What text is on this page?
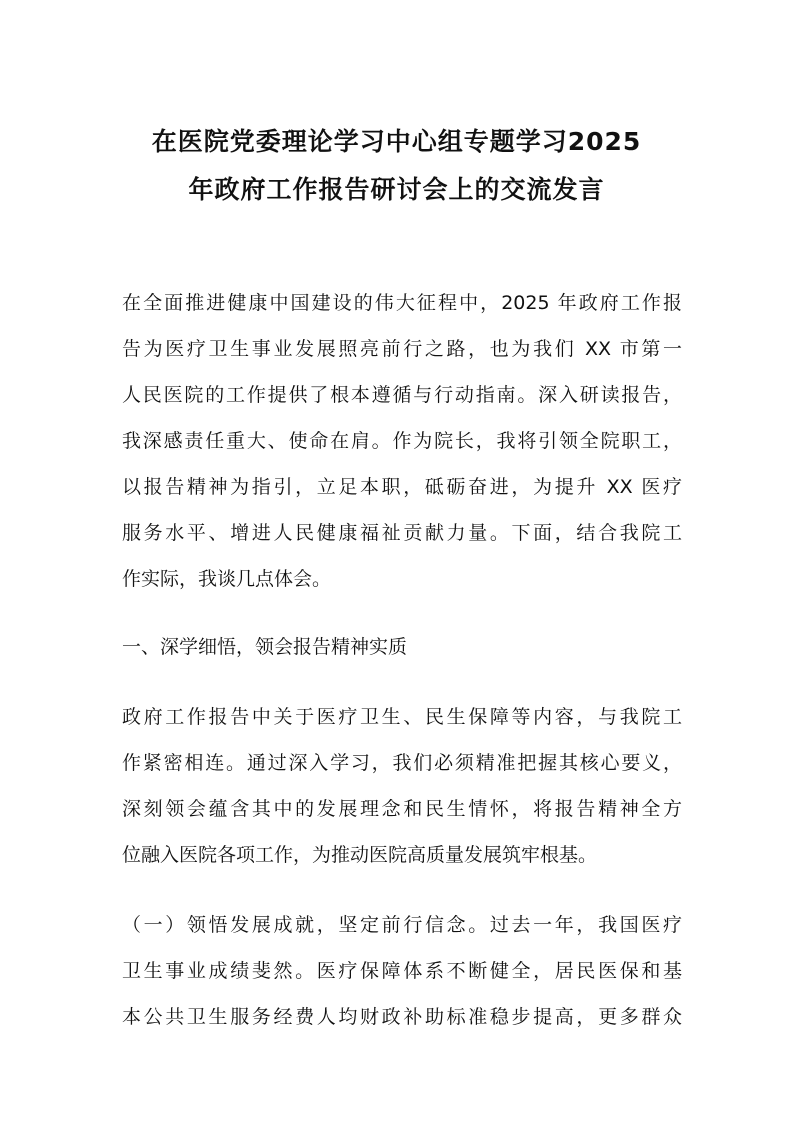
在医院党委理论学习中心组专题学习2025
年政府工作报告研讨会上的交流发言
在全面推进健康中国建设的伟大征程中，2025 年政府工作报
告为医疗卫生事业发展照亮前行之路，也为我们 XX 市第一
人民医院的工作提供了根本遵循与行动指南。深入研读报告，
我深感责任重大、使命在肩。作为院长，我将引领全院职工，
以报告精神为指引，立足本职，砥砺奋进，为提升 XX 医疗
服务水平、增进人民健康福祉贡献力量。下面，结合我院工
作实际，我谈几点体会。
一、深学细悟，领会报告精神实质
政府工作报告中关于医疗卫生、民生保障等内容，与我院工
作紧密相连。通过深入学习，我们必须精准把握其核心要义，
深刻领会蕴含其中的发展理念和民生情怀，将报告精神全方
位融入医院各项工作，为推动医院高质量发展筑牢根基。
（一）领悟发展成就，坚定前行信念。过去一年，我国医疗
卫生事业成绩斐然。医疗保障体系不断健全，居民医保和基
本公共卫生服务经费人均财政补助标准稳步提高，更多群众
